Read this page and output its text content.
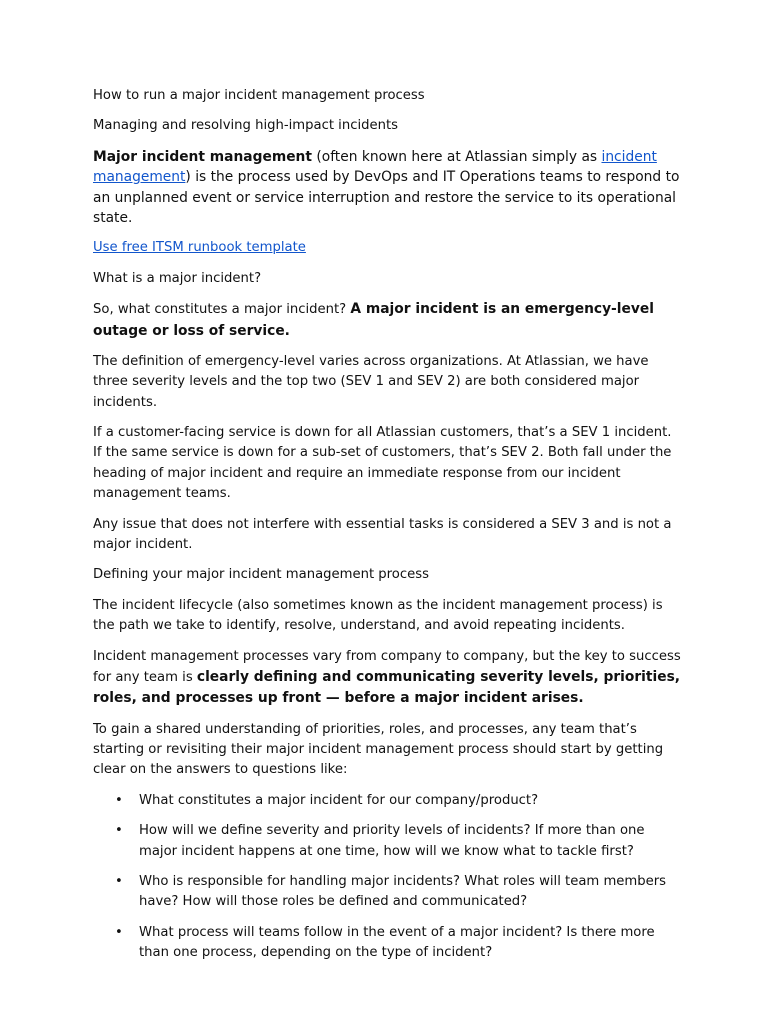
How to run a major incident management process

Managing and resolving high-impact incidents

Major incident management (often known here at Atlassian simply as incident management) is the process used by DevOps and IT Operations teams to respond to an unplanned event or service interruption and restore the service to its operational state.

Use free ITSM runbook template

What is a major incident?

So, what constitutes a major incident? A major incident is an emergency-level outage or loss of service.

The definition of emergency-level varies across organizations. At Atlassian, we have three severity levels and the top two (SEV 1 and SEV 2) are both considered major incidents.

If a customer-facing service is down for all Atlassian customers, that’s a SEV 1 incident. If the same service is down for a sub-set of customers, that’s SEV 2. Both fall under the heading of major incident and require an immediate response from our incident management teams.

Any issue that does not interfere with essential tasks is considered a SEV 3 and is not a major incident.

Defining your major incident management process

The incident lifecycle (also sometimes known as the incident management process) is the path we take to identify, resolve, understand, and avoid repeating incidents.

Incident management processes vary from company to company, but the key to success for any team is clearly defining and communicating severity levels, priorities, roles, and processes up front — before a major incident arises.

To gain a shared understanding of priorities, roles, and processes, any team that’s starting or revisiting their major incident management process should start by getting clear on the answers to questions like:

• What constitutes a major incident for our company/product?
• How will we define severity and priority levels of incidents? If more than one major incident happens at one time, how will we know what to tackle first?
• Who is responsible for handling major incidents? What roles will team members have? How will those roles be defined and communicated?
• What process will teams follow in the event of a major incident? Is there more than one process, depending on the type of incident?
